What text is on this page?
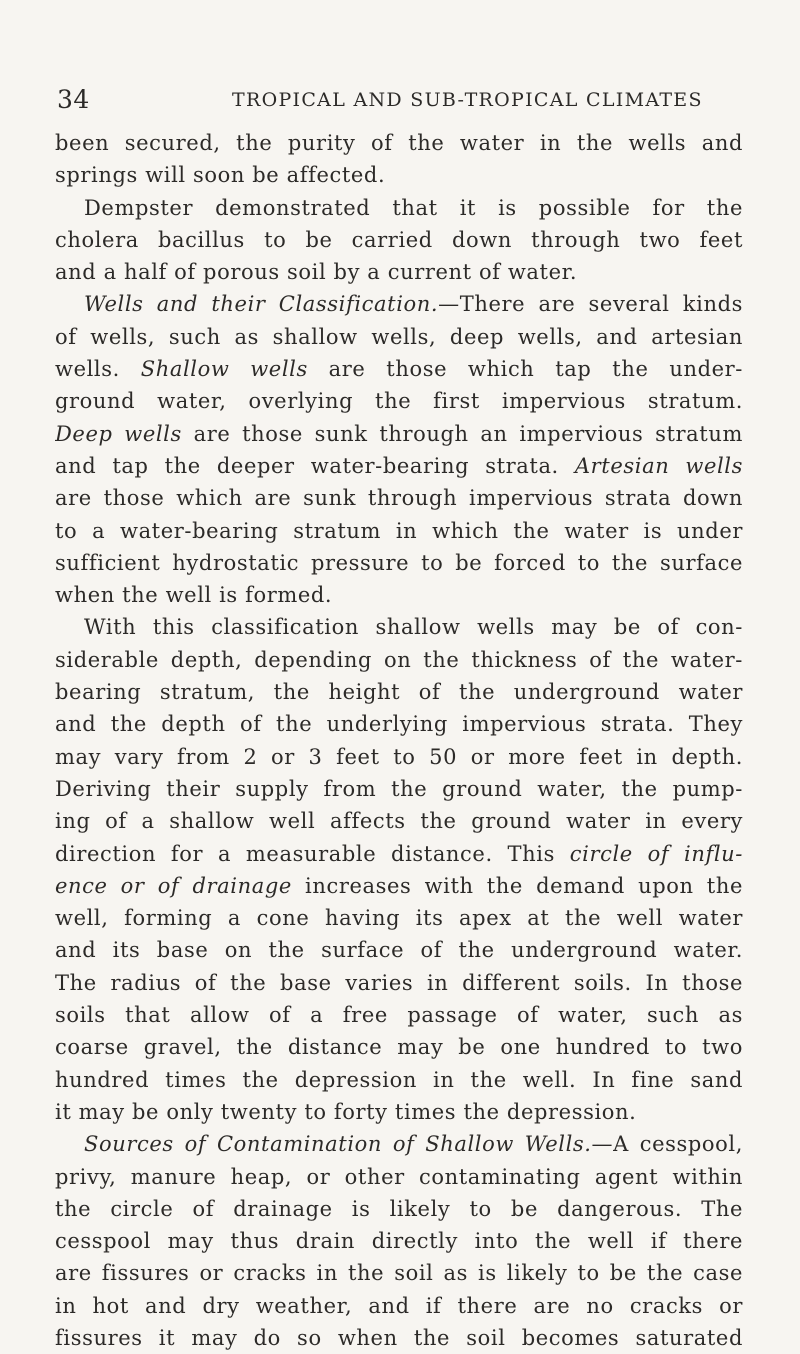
34	TROPICAL AND SUB-TROPICAL CLIMATES
been secured, the purity of the water in the wells and
springs will soon be affected.
Dempster demonstrated that it is possible for the
cholera bacillus to be carried down through two feet
and a half of porous soil by a current of water.
Wells and their Classification.—There are several kinds
of wells, such as shallow wells, deep wells, and artesian
wells. Shallow wells are those which tap the under-
ground water, overlying the first impervious stratum.
Deep wells are those sunk through an impervious stratum
and tap the deeper water-bearing strata. Artesian wells
are those which are sunk through impervious strata down
to a water-bearing stratum in which the water is under
sufficient hydrostatic pressure to be forced to the surface
when the well is formed.
With this classification shallow wells may be of con-
siderable depth, depending on the thickness of the water-
bearing stratum, the height of the underground water
and the depth of the underlying impervious strata. They
may vary from 2 or 3 feet to 50 or more feet in depth.
Deriving their supply from the ground water, the pump-
ing of a shallow well affects the ground water in every
direction for a measurable distance. This circle of influ-
ence or of drainage increases with the demand upon the
well, forming a cone having its apex at the well water
and its base on the surface of the underground water.
The radius of the base varies in different soils. In those
soils that allow of a free passage of water, such as
coarse gravel, the distance may be one hundred to two
hundred times the depression in the well. In fine sand
it may be only twenty to forty times the depression.
Sources of Contamination of Shallow Wells.—A cesspool,
privy, manure heap, or other contaminating agent within
the circle of drainage is likely to be dangerous. The
cesspool may thus drain directly into the well if there
are fissures or cracks in the soil as is likely to be the case
in hot and dry weather, and if there are no cracks or
fissures it may do so when the soil becomes saturated
